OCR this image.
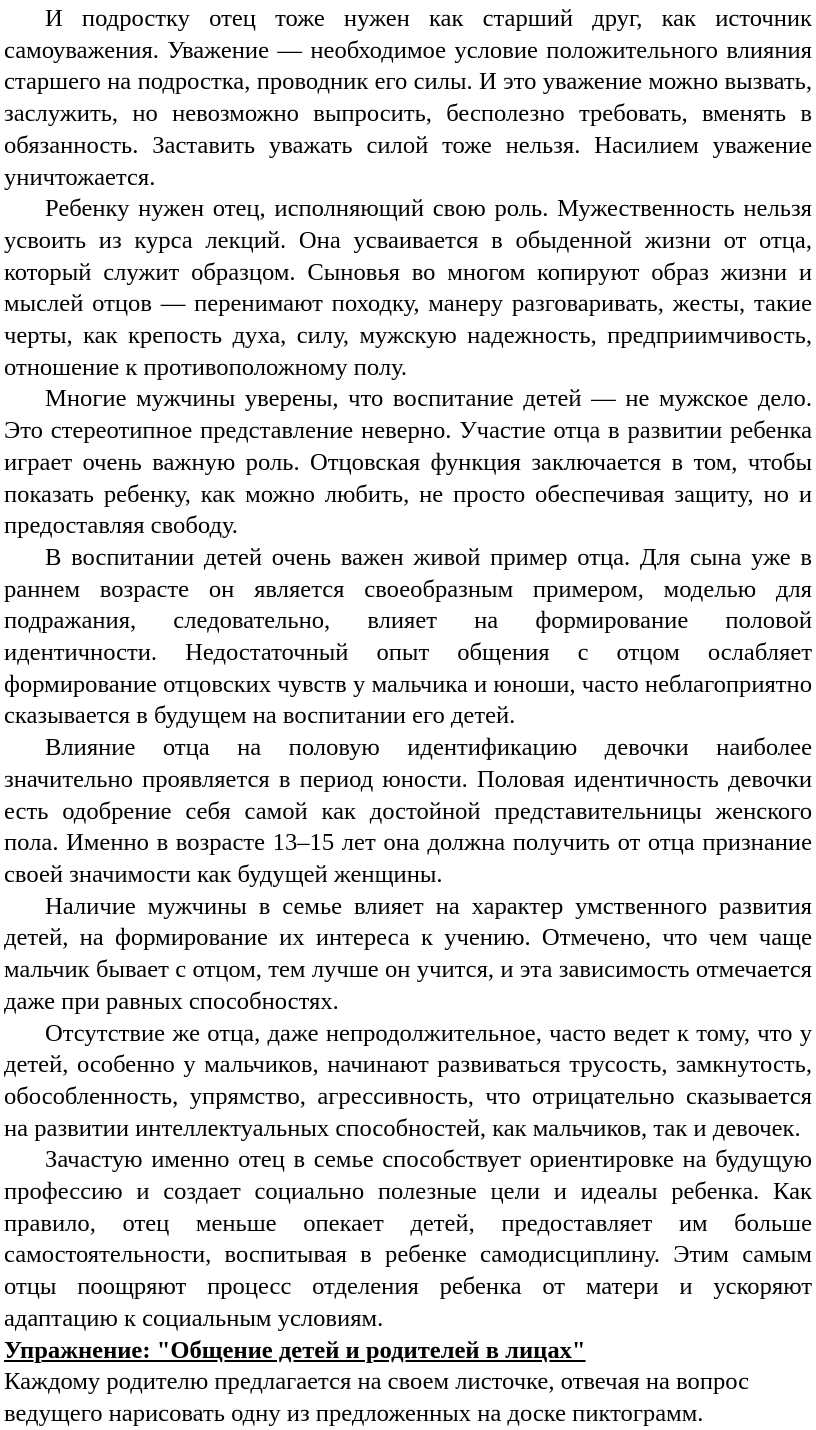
И подростку отец тоже нужен как старший друг, как источник самоуважения. Уважение — необходимое условие положительного влияния старшего на подростка, проводник его силы. И это уважение можно вызвать, заслужить, но невозможно выпросить, бесполезно требовать, вменять в обязанность. Заставить уважать силой тоже нельзя. Насилием уважение уничтожается.

Ребенку нужен отец, исполняющий свою роль. Мужественность нельзя усвоить из курса лекций. Она усваивается в обыденной жизни от отца, который служит образцом. Сыновья во многом копируют образ жизни и мыслей отцов — перенимают походку, манеру разговаривать, жесты, такие черты, как крепость духа, силу, мужскую надежность, предприимчивость, отношение к противоположному полу.

Многие мужчины уверены, что воспитание детей — не мужское дело. Это стереотипное представление неверно. Участие отца в развитии ребенка играет очень важную роль. Отцовская функция заключается в том, чтобы показать ребенку, как можно любить, не просто обеспечивая защиту, но и предоставляя свободу.

В воспитании детей очень важен живой пример отца. Для сына уже в раннем возрасте он является своеобразным примером, моделью для подражания, следовательно, влияет на формирование половой идентичности. Недостаточный опыт общения с отцом ослабляет формирование отцовских чувств у мальчика и юноши, часто неблагоприятно сказывается в будущем на воспитании его детей.

Влияние отца на половую идентификацию девочки наиболее значительно проявляется в период юности. Половая идентичность девочки есть одобрение себя самой как достойной представительницы женского пола. Именно в возрасте 13–15 лет она должна получить от отца признание своей значимости как будущей женщины.

Наличие мужчины в семье влияет на характер умственного развития детей, на формирование их интереса к учению. Отмечено, что чем чаще мальчик бывает с отцом, тем лучше он учится, и эта зависимость отмечается даже при равных способностях.

Отсутствие же отца, даже непродолжительное, часто ведет к тому, что у детей, особенно у мальчиков, начинают развиваться трусость, замкнутость, обособленность, упрямство, агрессивность, что отрицательно сказывается на развитии интеллектуальных способностей, как мальчиков, так и девочек.

Зачастую именно отец в семье способствует ориентировке на будущую профессию и создает социально полезные цели и идеалы ребенка. Как правило, отец меньше опекает детей, предоставляет им больше самостоятельности, воспитывая в ребенке самодисциплину. Этим самым отцы поощряют процесс отделения ребенка от матери и ускоряют адаптацию к социальным условиям.

Упражнение: "Общение детей и родителей в лицах"

Каждому родителю предлагается на своем листочке, отвечая на вопрос ведущего нарисовать одну из предложенных на доске пиктограмм.
